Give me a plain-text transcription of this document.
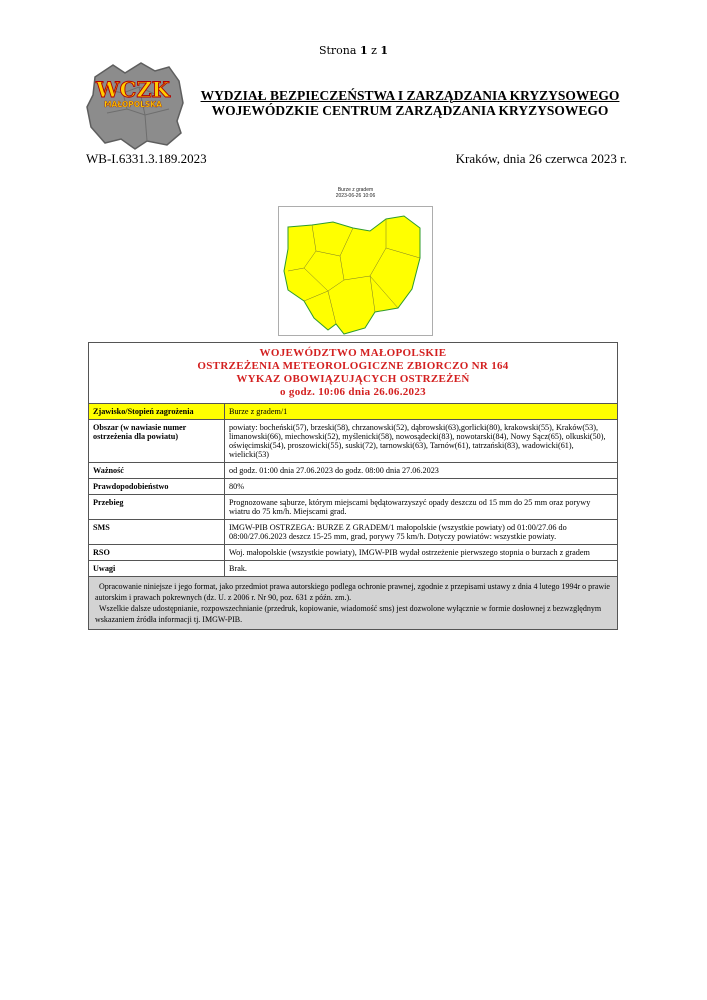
Strona 1 z 1
WCZK
MAŁOPOLSKA
WYDZIAŁ BEZPIECZEŃSTWA I ZARZĄDZANIA KRYZYSOWEGO
WOJEWÓDZKIE CENTRUM ZARZĄDZANIA KRYZYSOWEGO
WB-I.6331.3.189.2023	Kraków, dnia 26 czerwca 2023 r.
Burze z gradem
2023-06-26 10:06
WOJEWÓDZTWO MAŁOPOLSKIE
OSTRZEŻENIA METEOROLOGICZNE ZBIORCZO NR 164
WYKAZ OBOWIĄZUJĄCYCH OSTRZEŻEŃ
o godz. 10:06 dnia 26.06.2023	

Zjawisko/Stopień zagrożenia	Burze z gradem/1
Obszar (w nawiasie numer ostrzeżenia dla powiatu)	powiaty: bocheński(57), brzeski(58), chrzanowski(52), dąbrowski(63),gorlicki(80), krakowski(55), Kraków(53), limanowski(66), miechowski(52), myślenicki(58), nowosądecki(83), nowotarski(84), Nowy Sącz(65), olkuski(50), oświęcimski(54), proszowicki(55), suski(72), tarnowski(63), Tarnów(61), tatrzański(83), wadowicki(61), wielicki(53)
Ważność	od godz. 01:00 dnia 27.06.2023 do godz. 08:00 dnia 27.06.2023
Prawdopodobieństwo	80%
Przebieg	Prognozowane sąburze, którym miejscami będątowarzyszyć opady deszczu od 15 mm do 25 mm oraz porywy wiatru do 75 km/h. Miejscami grad.
SMS	IMGW-PIB OSTRZEGA: BURZE Z GRADEM/1 małopolskie (wszystkie powiaty) od 01:00/27.06 do 08:00/27.06.2023 deszcz 15-25 mm, grad, porywy 75 km/h. Dotyczy powiatów: wszystkie powiaty.
RSO	Woj. małopolskie (wszystkie powiaty), IMGW-PIB wydał ostrzeżenie pierwszego stopnia o burzach z gradem
Uwagi	Brak.

Opracowanie niniejsze i jego format, jako przedmiot prawa autorskiego podlega ochronie prawnej, zgodnie z przepisami ustawy z dnia 4 lutego 1994r o prawie autorskim i prawach pokrewnych (dz. U. z 2006 r. Nr 90, poz. 631 z późn. zm.).
Wszelkie dalsze udostępnianie, rozpowszechnianie (przedruk, kopiowanie, wiadomość sms) jest dozwolone wyłącznie w formie dosłownej z bezwzględnym wskazaniem źródła informacji tj. IMGW-PIB.	
